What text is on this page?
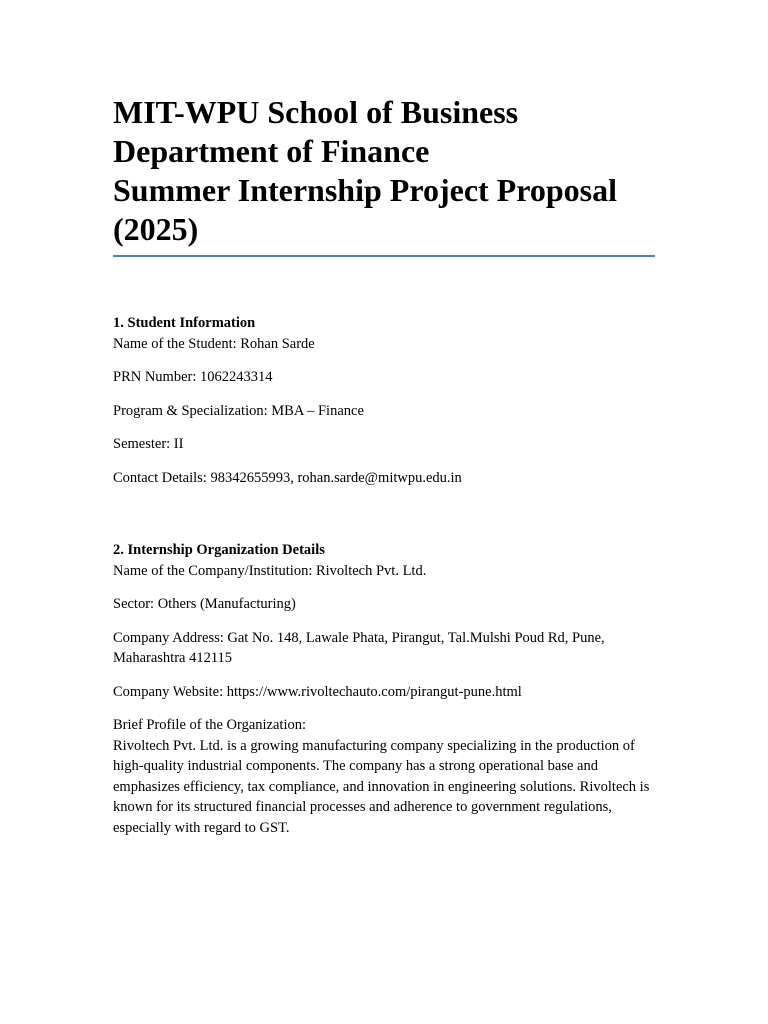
MIT-WPU School of Business
Department of Finance
Summer Internship Project Proposal
(2025)
1. Student Information

Name of the Student: Rohan Sarde

PRN Number: 1062243314

Program & Specialization: MBA – Finance

Semester: II

Contact Details: 98342655993, rohan.sarde@mitwpu.edu.in

2. Internship Organization Details

Name of the Company/Institution: Rivoltech Pvt. Ltd.

Sector: Others (Manufacturing)

Company Address: Gat No. 148, Lawale Phata, Pirangut, Tal.Mulshi Poud Rd, Pune, Maharashtra 412115

Company Website: https://www.rivoltechauto.com/pirangut-pune.html

Brief Profile of the Organization:
Rivoltech Pvt. Ltd. is a growing manufacturing company specializing in the production of high-quality industrial components. The company has a strong operational base and emphasizes efficiency, tax compliance, and innovation in engineering solutions. Rivoltech is known for its structured financial processes and adherence to government regulations, especially with regard to GST.
